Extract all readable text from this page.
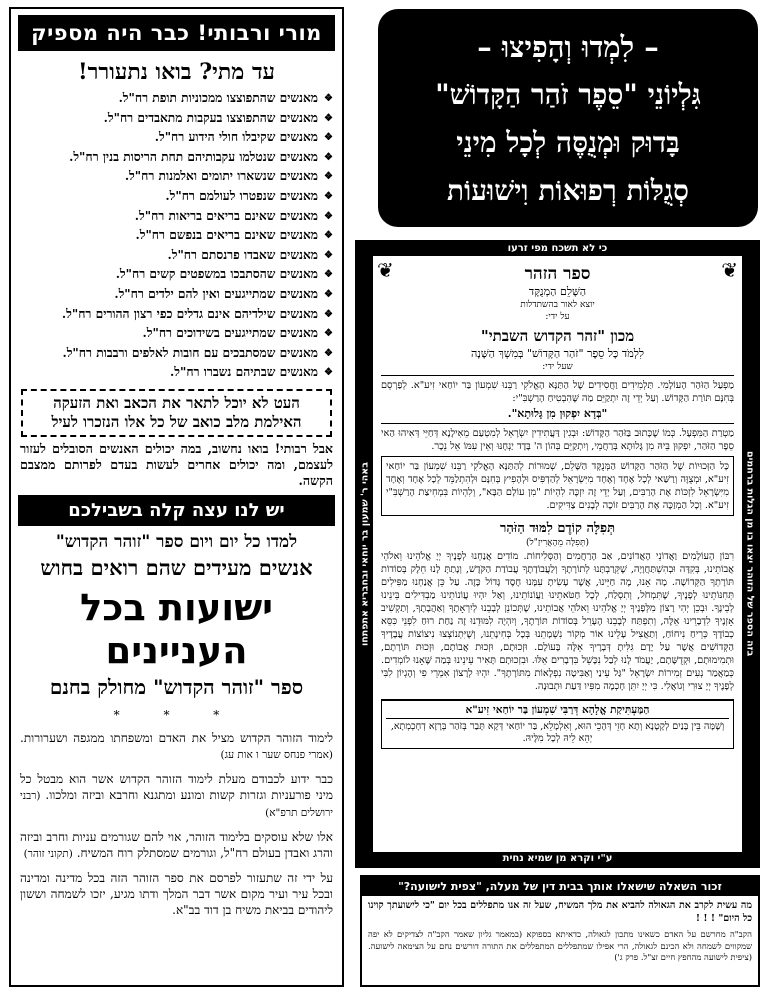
מורי ורבותי! כבר היה מספיק
עד מתי? בואו נתעורר!
❖
מאנשים שהתפוצצו ממכוניות תופת רח"ל.
❖
מאנשים שהתפוצצו בעקבות מתאבדים רח"ל.
❖
מאנשים שקיבלו חולי הידוע רח"ל.
❖
מאנשים שנטלמו עקבותיהם תחת הריסות בנין רח"ל.
❖
מאנשים שנשארו יתומים ואלמנות רח"ל.
❖
מאנשים שנפטרו לעולמם רח"ל.
❖
מאנשים שאינם בריאים בריאות רח"ל.
❖
מאנשים שאינם בריאים בנפשם רח"ל.
❖
מאנשים שאבדו פרנסתם רח"ל.
❖
מאנשים שהסתבכו במשפטים קשים רח"ל.
❖
מאנשים שמתייגעים ואין להם ילדים רח"ל.
❖
מאנשים שילדיהם אינם גדלים כפי רצון ההורים רח"ל.
❖
מאנשים שמתייגעים בשידוכים רח"ל.
❖
מאנשים שמסתבכים עם חובות לאלפים ורבבות רח"ל.
❖
מאנשים שבתיהם נשברו רח"ל.
העט לא יוכל לתאר את הכאב ואת הזעקה האילמת מלב כואב של כל אלו הנזכרו לעיל
אבל רבותי! בואו נחשוב, במה יכולים האנשים הסובלים לעזור לעצמם, ומה יכולים אחרים לעשות בעדם לפרותם ממצבם הקשה.
יש לנו עצה קלה בשבילכם
למדו כל יום ויום ספר "זוהר הקדוש"
אנשים מעידים שהם רואים בחוש
ישועות בכל העניינים
ספר "זוהר הקדוש" מחולק בחנם
* * *
לימוד הזוהר הקדוש מציל את האדם ומשפחתו ממגפה ושערורות. (אמרי פנחס שער ו אות עג)
כבר ידוע לכבודם מעלת לימוד הזוהר הקדוש אשר הוא מבטל כל מיני פורעניות וגזרות קשות ומונע ומתגנא וחרבא וביזה ומלכוו. (רבני ירושלים תרפ"א)
אלו שלא עוסקים בלימוד הזוהר, אוי להם שגורמים עניות וחרב וביזה והרג ואבדן בעולם רח"ל, וגורמים שמסתלק רוח המשיח. (תקוני זוהר)
על ידי זה שתעזור לפרסם את ספר הזוהר הזה בכל מדינה ומדינה ובכל עיר ועיר מקום אשר דבר המלך ודתו מגיע, יזכו לשמחה וששון ליהודים בביאת משיח בן דוד בב"א.
– לִמְדוּ וְהָפִיצוּ –
גִּלְיוֹנֵי "סֵפֶר זֹהַר הַקָּדוֹשׁ"
בָּדוּק וּמְנֻסֶּה לְכָל מִינֵי
סְגֻלּוֹת רְפוּאוֹת וִישׁוּעוֹת
כי לא תשכח מפי זרעו
ע"י וקרא מן שמיא נחית
בזה הספר של הזוהר יצאו בו מן הגלות ברחמים
באהי ר' שמעון בר יוחאי ובחבריא אתפתחו
❦
❦	ספר הזהר
הַשָּׁלֵם הַמְנֻקָּד
יוצא לאור בהשתדלות
על ידי:
מכון "זהר הקדוש השבתי"
לִלְמֹד כָּל סֵפֶר "זֹהַר הַקָּדוֹשׁ" בְּמִשְׁךְ הַשָּׁנָה
שעל ידי:
מַפְעַל הַזֹּהַר הָעוֹלָמִי. תַּלְמִידִים וַחֲסִידִים שֶׁל הַתַּנָּא הָאֱלֹקִי רַבֵּנוּ שִׁמְעוֹן בַּר יוֹחַאי זִיע"א. לְפַרְסֵם בְּחִנָּם תּוֹרַת הַקָּדוֹשׁ. וְעַל יְדֵי זֶה יִתְקַיֵּם מַה שֶּׁהִבְטִיחַ הָרַשְׁבִּ"י:
"בְּדָא יִפְקוּן מִן גָּלוּתָא".
מַטְרַת הַמִּפְעָל. כְּמוֹ שֶׁכָּתוּב בַּזֹּהַר הַקָּדוֹשׁ: וּבְגִין דַּעֲתִידִין יִשְׂרָאֵל לְמִטְעַם מֵאִילָנָא דְּחַיֵּי דְּאִיהוּ הַאי סֵפֶר הַזֹּהַר, יִפְקוּן בֵּיהּ מִן גָּלוּתָא בְּרַחֲמֵי, וְיִתְקַיֵּם בְּהוֹן ה' בָּדָד יַנְחֶנּוּ וְאֵין עִמּוֹ אֵל נֵכָר.
כָּל הַזְּכוּיוֹת שֶׁל הַזֹּהַר הַקָּדוֹשׁ הַמְּנֻקָּד הַשָּׁלֵם, שְׁמוּרוֹת לְהַתַּנָּא הָאֱלֹקִי רַבֵּנוּ שִׁמְעוֹן בַּר יוֹחַאי זִיע"א, וּמְצֻוֶּה וְרַשַּׁאי לְכָל אֶחָד וְאֶחָד מִיִּשְׂרָאֵל לְהַדְפִּיס וּלְהָפִיץ בְּחִנָּם וּלְהִתְלַמֵּד לְכָל אֶחָד וְאֶחָד מִיִּשְׂרָאֵל לִזְכּוֹת אֶת הָרַבִּים, וְעַל יְדֵי זֶה יִזְכֶּה לִהְיוֹת "מִן עוֹלָם הַבָּא", וְלִהְיוֹת בִּמְחִיצַת הָרַשְׁבִּ"י זִיע"א. וְכָל הַמְזַכֶּה אֶת הָרַבִּים זוֹכֶה לְבָנִים צַדִּיקִים.
תְּפִלָּה קוֹדֶם לִמּוּד הַזֹּהַר
(תְּפִלָּה מֵהָאֲרִיזַ"ל)
רִבּוֹן הָעוֹלָמִים וַאֲדוֹנֵי הָאֲדוֹנִים, אַב הָרַחֲמִים וְהַסְּלִיחוֹת. מוֹדִים אֲנַחְנוּ לְפָנֶיךָ יְיָ אֱלֹהֵינוּ וֵאלֹהֵי אֲבוֹתֵינוּ, בְּקִדָּה וּבְהִשְׁתַּחֲוָיָה, שֶׁקֵּרַבְתָּנוּ לְתוֹרָתֶךָ וְלַעֲבוֹדָתֶךָ עֲבוֹדַת הַקֹּדֶשׁ, וְנָתַתָּ לָנוּ חֵלֶק בְּסוֹדוֹת תּוֹרָתְךָ הַקְּדוֹשָׁה. מָה אָנוּ, מֶה חַיֵּינוּ, אֲשֶׁר עָשִׂיתָ עִמָּנוּ חֶסֶד גָּדוֹל כָּזֶה. עַל כֵּן אֲנַחְנוּ מַפִּילִים תְּחִנּוֹתֵינוּ לְפָנֶיךָ, שֶׁתִּמְחֹל, וְתִסְלַח, לְכָל חַטֹּאתֵינוּ וַעֲוֹנוֹתֵינוּ, וְאַל יִהְיוּ עֲוֹנוֹתֵינוּ מַבְדִּילִים בֵּינֵינוּ לְבֵינֶךָ. וּבְכֵן יְהִי רָצוֹן מִלְּפָנֶיךָ יְיָ אֱלֹהֵינוּ וֵאלֹהֵי אֲבוֹתֵינוּ, שֶׁתְּכוֹנֵן לְבָבֵנוּ לְיִרְאָתֶךָ וְאַהֲבָתֶךָ, וְתַקְשִׁיב אָזְנֶיךָ לִדְבָרֵינוּ אֵלֶּה, וְתִפְתַּח לְבָבֵנוּ הֶעָרֵל בְּסוֹדוֹת תּוֹרָתֶךָ, וְיִהְיֶה לִמּוּדֵנוּ זֶה נַחַת רוּחַ לִפְנֵי כִּסֵּא כְבוֹדֶךָ כְּרֵיחַ נִיחוֹחַ, וְתַאֲצִיל עָלֵינוּ אוֹר מְקוֹר נִשְׁמָתֵנוּ בְּכָל בְּחִינָתֵנוּ, וְשֶׁיִּתְנוֹצְצוּ נִיצוֹצוֹת עֲבָדֶיךָ הַקְּדוֹשִׁים אֲשֶׁר עַל יָדָם גִּלִּיתָ דְּבָרֶיךָ אֵלֶּה בָּעוֹלָם. וּזְכוּתָם, וּזְכוּת אֲבוֹתָם, וּזְכוּת תּוֹרָתָם, וּתְמִימוּתָם, וּקְדֻשָּׁתָם, יַעֲמֹד לָנוּ לְבַל נִכָּשֵׁל בִּדְבָרִים אֵלּוּ. וּבִזְכוּתָם תָּאִיר עֵינֵינוּ בְּמַה שֶּׁאָנוּ לוֹמְדִים. כְּמַאֲמַר נְעִים זְמִירוֹת יִשְׂרָאֵל "גַּל עֵינַי וְאַבִּיטָה נִפְלָאוֹת מִתּוֹרָתֶךָ". יִהְיוּ לְרָצוֹן אִמְרֵי פִי וְהֶגְיוֹן לִבִּי לְפָנֶיךָ יְיָ צוּרִי וְגוֹאֲלִי. כִּי יְיָ יִתֵּן חָכְמָה מִפִּיו דַּעַת וּתְבוּנָה.
הַמַּעְתִּיקַת אֱלָהָא דְּרַבִּי שִׁמְעוֹן בַּר יוֹחַאי זִיע"א
וְשָׁמָּה בֵּין בָּנַיִם לְקָטָנָא וְתָא חָזֵי דְּהָכֵי הוּא, וְאִלְמָלֵא, בַּר יוֹחַאי דְּקָא תָּבַר בְּזֹהַר בְּרָזָא דְחָכְמְתָא, יְהֵא לֵיהּ לְכָל מִלֶּיהּ.
זכור השאלה שישאלו אותך בבית דין של מעלה, "צפית לישועה?"
מה עשית לקרב את הגאולה להביא את מלך המשיח, שעל זה אנו מתפללים בכל יום "כי לישועתך קוינו כל היום" ! ! !
הקב"ה מחרשם על האדם כשאינו מתכון לגאולה, כדאיתא בספוקא (במאמר גליון שאמר הקב"ה לצדיקים לא יפה שמקווים לשמחה ולא הכינם לגאולה, הרי אפילו שמתפללים המתפללים את התורה דורשים נחם על הצימאה לישועה. (ציפית לישועה מהחפץ חיים זצ"ל. פרק ג')
